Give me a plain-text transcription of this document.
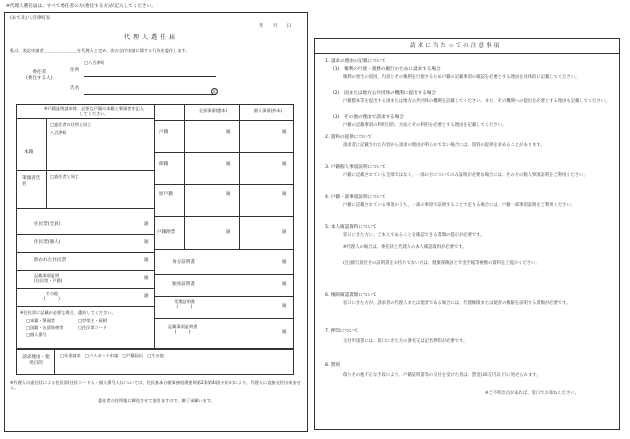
※代理人選任届は、すべて委任者の方(委任する方)が記入してください。
(あて先)八百津町長
年　　月　　日
代理人選任届
私は、表記申請者＿＿＿＿＿＿＿＿を代理人と定め、次の交付申請に関する行為を委任します。
委任者
(委任する人)
□八百津町
住所
氏名
印
※戸籍証明請求時、必要な戸籍の本籍と筆頭者を記入してください。
本籍
□委任者の住所と同じ
八百津町
筆頭者氏名
□委任者と同じ
全部事項(謄本)	個人事項(抄本)
戸籍	通	通
除籍	通	通
原戸籍	通	通
戸籍附票	通	通
住民票(全員)	通
住民票(個人)	通
除かれた住民票	通
記載事項証明
(住民票・戸籍)	通
その他
(　　　)	通
身分証明書	通
独身証明書	通
受理証明書
(　　　)	通
記載事項証明書
(　　　)	通
※住民票に記載が必要な場合、選択してください。
□本籍・筆頭者	□世帯主・続柄
□国籍・在留資格等	□住民票コード
□個人番号
請求理由・使用目的
□年金請求　□パスポート申請　□戸籍届出　□その他
※代理人の委任状による住民票(住民コード入・個人番号入)については、住民基本台帳事務処理要領第2条第4項(オ)(カ)により、代理人に直接交付出来ません。
委任者の住所地に郵送させて頂きますので、御了承願います。
請求に当たっての注意事項
1. 請求の理由の記載について
(1)　権利の行使・義務の履行のために請求する場合
権利の発生の原因、内容とその権利を行使するため戸籍の記載事項の確認を必要とする理由を具体的に記載してください。
(2)　国または地方公共団体の機関に提出する場合
戸籍謄本等を提出する国または地方公共団体の機関を記載してください。また、その機関への提出を必要とする理由も記載してください。
(3)　その他の理由で請求する場合
戸籍の記載事項の利用目的、方法とその利用を必要とする理由を記載してください。
2. 資料の提供について
請求者に記載された内容から請求の理由が明らかでない場合には、資料の提供を求めることがあります。
3. 戸籍個人事項証明について
戸籍に記載されている全部ではなく、一部の方についてのみ証明が必要な場合には、その方の個人事項証明をご利用ください。
4. 戸籍一部事項証明について
戸籍に記載されている事項のうち、一部の事項で証明することで足りる場合には、戸籍一部事項証明をご利用ください。
5. 本人確認資料について
窓口にきた方に、ご本人であることを確認できる書類の提示が必要です。
※代理人の場合は、委任状と代理人の本人確認資料が必要です。
(注)顔写真付きの証明書をお持ちでない方は、健康保険証と年金手帳等複数の資料をご提示ください。
6. 権限確認書類について
窓口にきた方が、請求者の代理人または使者である場合には、代理権限または使者の権限を証明する書類が必要です。
7. 押印について
交付申請書には、窓口にきた方の署名又は記名押印が必要です。
8. 罰則
偽りその他不正な手段により、戸籍証明書等の交付を受けた者は、罰金(30万円以下)に処せられます。
※ご不明な点があれば、窓口でお尋ねください。
